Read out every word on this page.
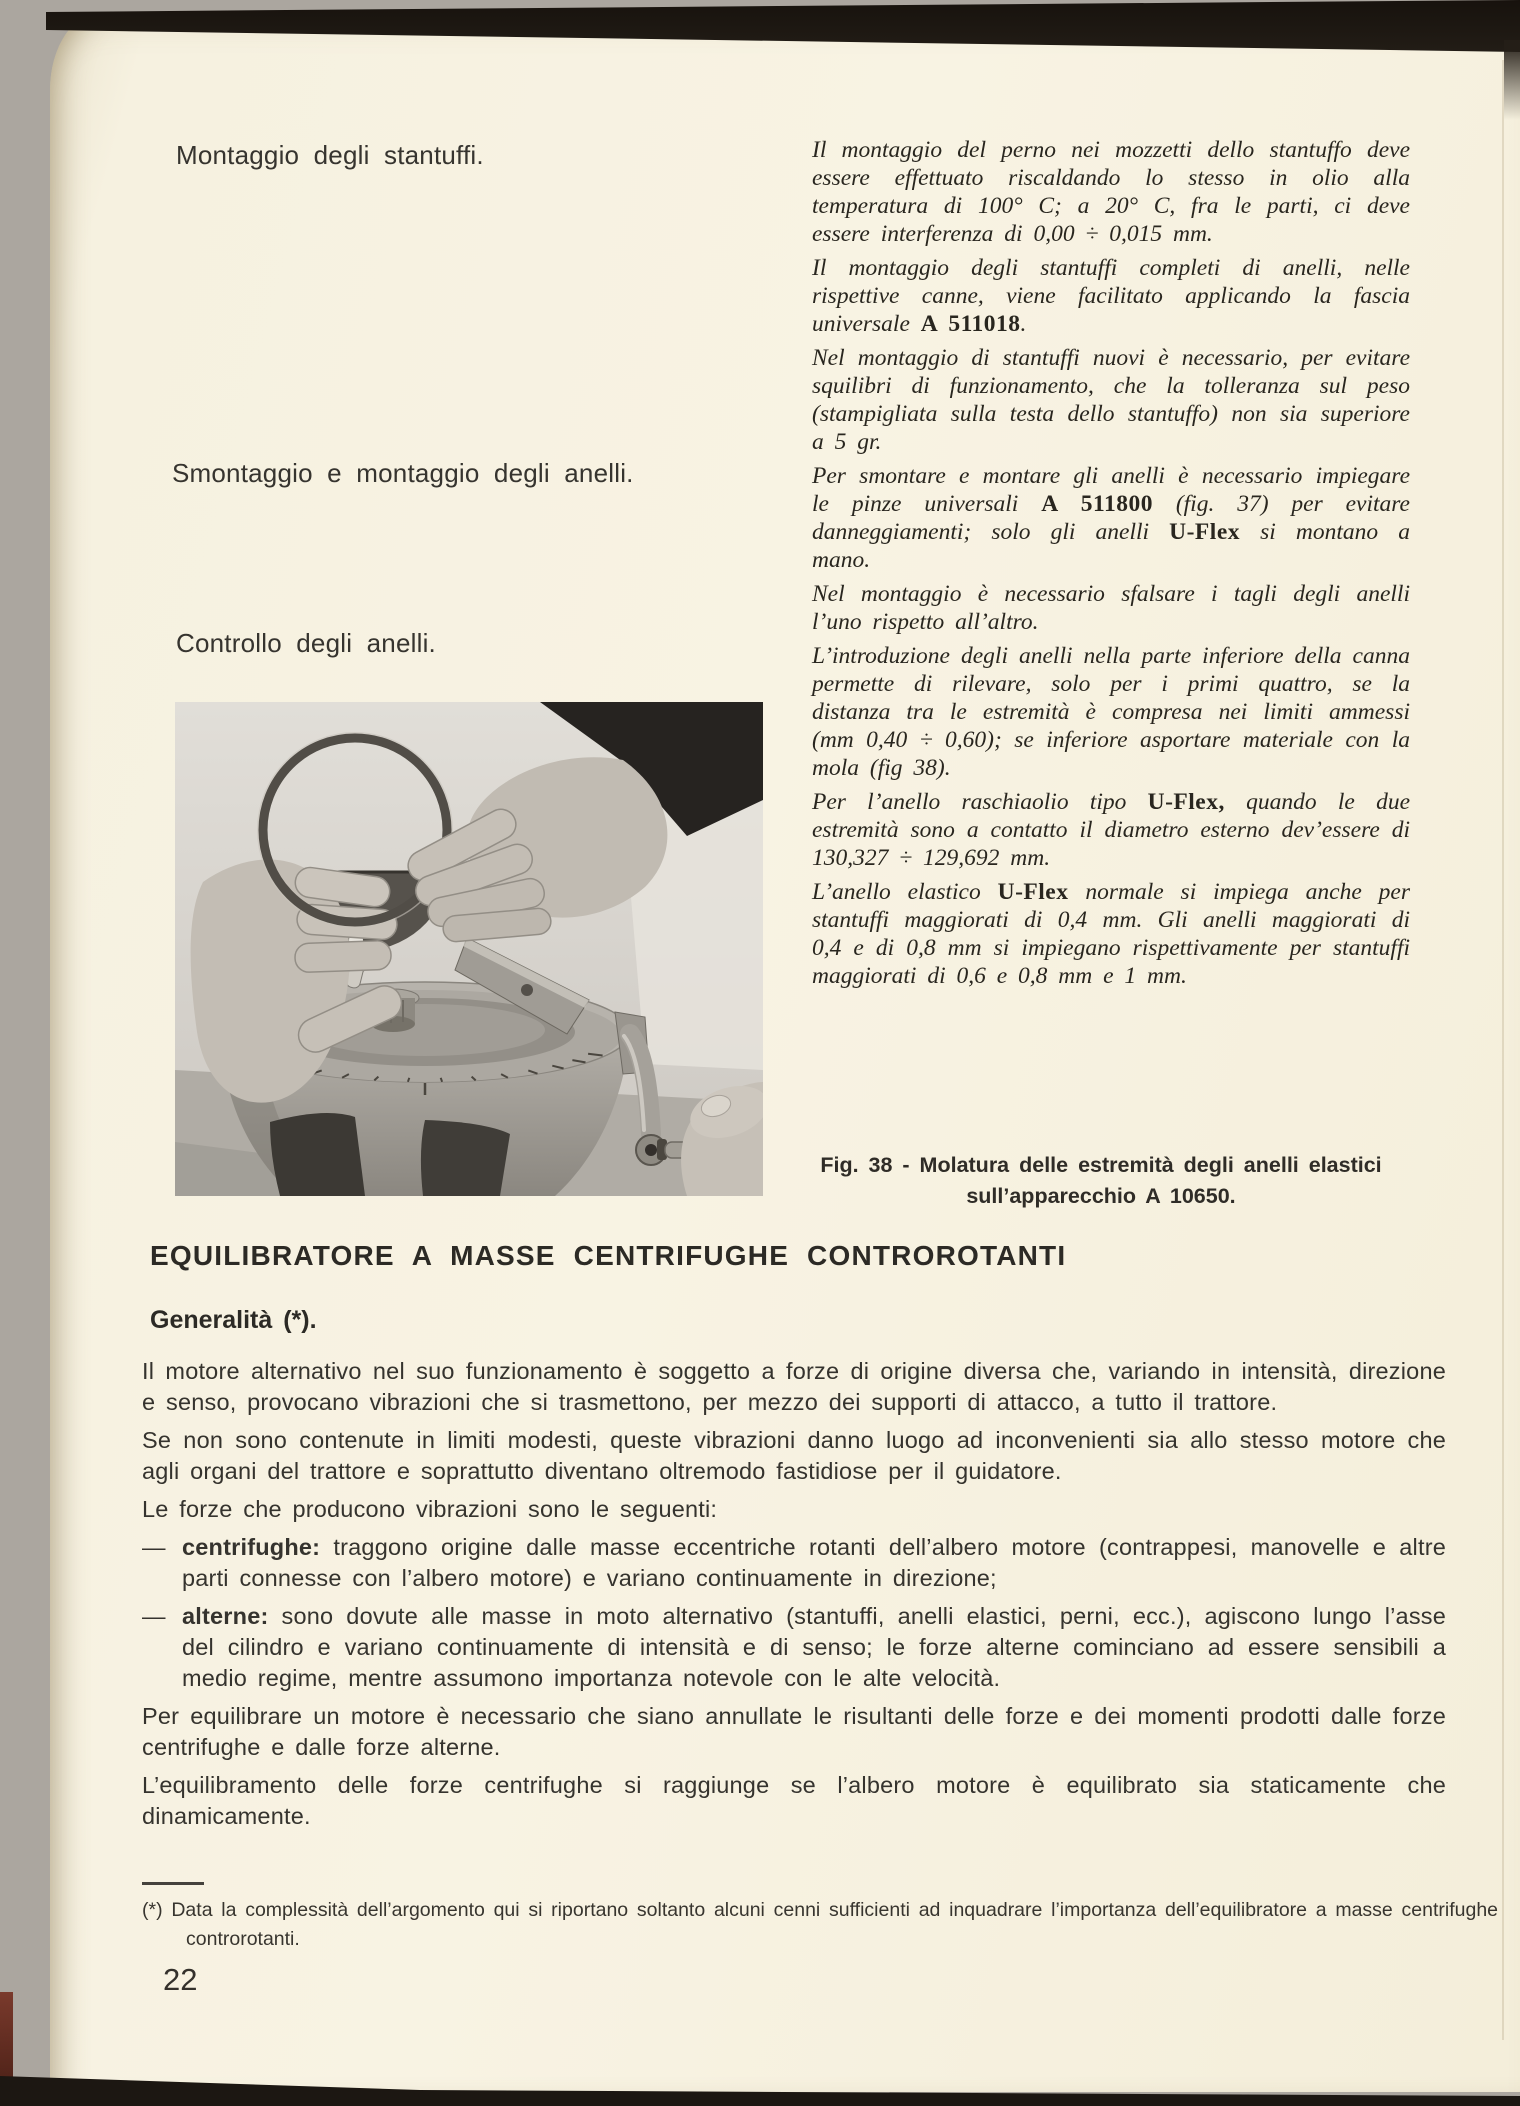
Montaggio degli stantuffi.
Smontaggio e montaggio degli anelli.
Controllo degli anelli.

Il montaggio del perno nei mozzetti dello stantuffo deve essere effettuato riscaldando lo stesso in olio alla temperatura di 100° C; a 20° C, fra le parti, ci deve essere interferenza di 0,00 ÷ 0,015 mm.

Il montaggio degli stantuffi completi di anelli, nelle rispettive canne, viene facilitato applicando la fascia universale A 511018.

Nel montaggio di stantuffi nuovi è necessario, per evitare squilibri di funzionamento, che la tolleranza sul peso (stampigliata sulla testa dello stantuffo) non sia superiore a 5 gr.

Per smontare e montare gli anelli è necessario impiegare le pinze universali A 511800 (fig. 37) per evitare danneggiamenti; solo gli anelli U-Flex si montano a mano.

Nel montaggio è necessario sfalsare i tagli degli anelli l’uno rispetto all’altro.

L’introduzione degli anelli nella parte inferiore della canna permette di rilevare, solo per i primi quattro, se la distanza tra le estremità è compresa nei limiti ammessi (mm 0,40 ÷ 0,60); se inferiore asportare materiale con la mola (fig 38).

Per l’anello raschiaolio tipo U-Flex, quando le due estremità sono a contatto il diametro esterno dev’essere di 130,327 ÷ 129,692 mm.

L’anello elastico U-Flex normale si impiega anche per stantuffi maggiorati di 0,4 mm. Gli anelli maggiorati di 0,4 e di 0,8 mm si impiegano rispettivamente per stantuffi maggiorati di 0,6 e 0,8 mm e 1 mm.

Fig. 38 - Molatura delle estremità degli anelli elastici
sull’apparecchio A 10650.
EQUILIBRATORE A MASSE CENTRIFUGHE CONTROROTANTI
Generalità (*).

Il motore alternativo nel suo funzionamento è soggetto a forze di origine diversa che, variando in intensità, direzione e senso, provocano vibrazioni che si trasmettono, per mezzo dei supporti di attacco, a tutto il trattore.

Se non sono contenute in limiti modesti, queste vibrazioni danno luogo ad inconvenienti sia allo stesso motore che agli organi del trattore e soprattutto diventano oltremodo fastidiose per il guidatore.

Le forze che producono vibrazioni sono le seguenti:

— centrifughe: traggono origine dalle masse eccentriche rotanti dell’albero motore (contrappesi, manovelle e altre parti connesse con l’albero motore) e variano continuamente in direzione;
— alterne: sono dovute alle masse in moto alternativo (stantuffi, anelli elastici, perni, ecc.), agiscono lungo l’asse del cilindro e variano continuamente di intensità e di senso; le forze alterne cominciano ad essere sensibili a medio regime, mentre assumono importanza notevole con le alte velocità.

Per equilibrare un motore è necessario che siano annullate le risultanti delle forze e dei momenti prodotti dalle forze centrifughe e dalle forze alterne.

L’equilibramento delle forze centrifughe si raggiunge se l’albero motore è equilibrato sia staticamente che dinamicamente.

(*) Data la complessità dell’argomento qui si riportano soltanto alcuni cenni sufficienti ad inquadrare l’importanza dell’equilibratore a masse centrifughe controrotanti.
22
